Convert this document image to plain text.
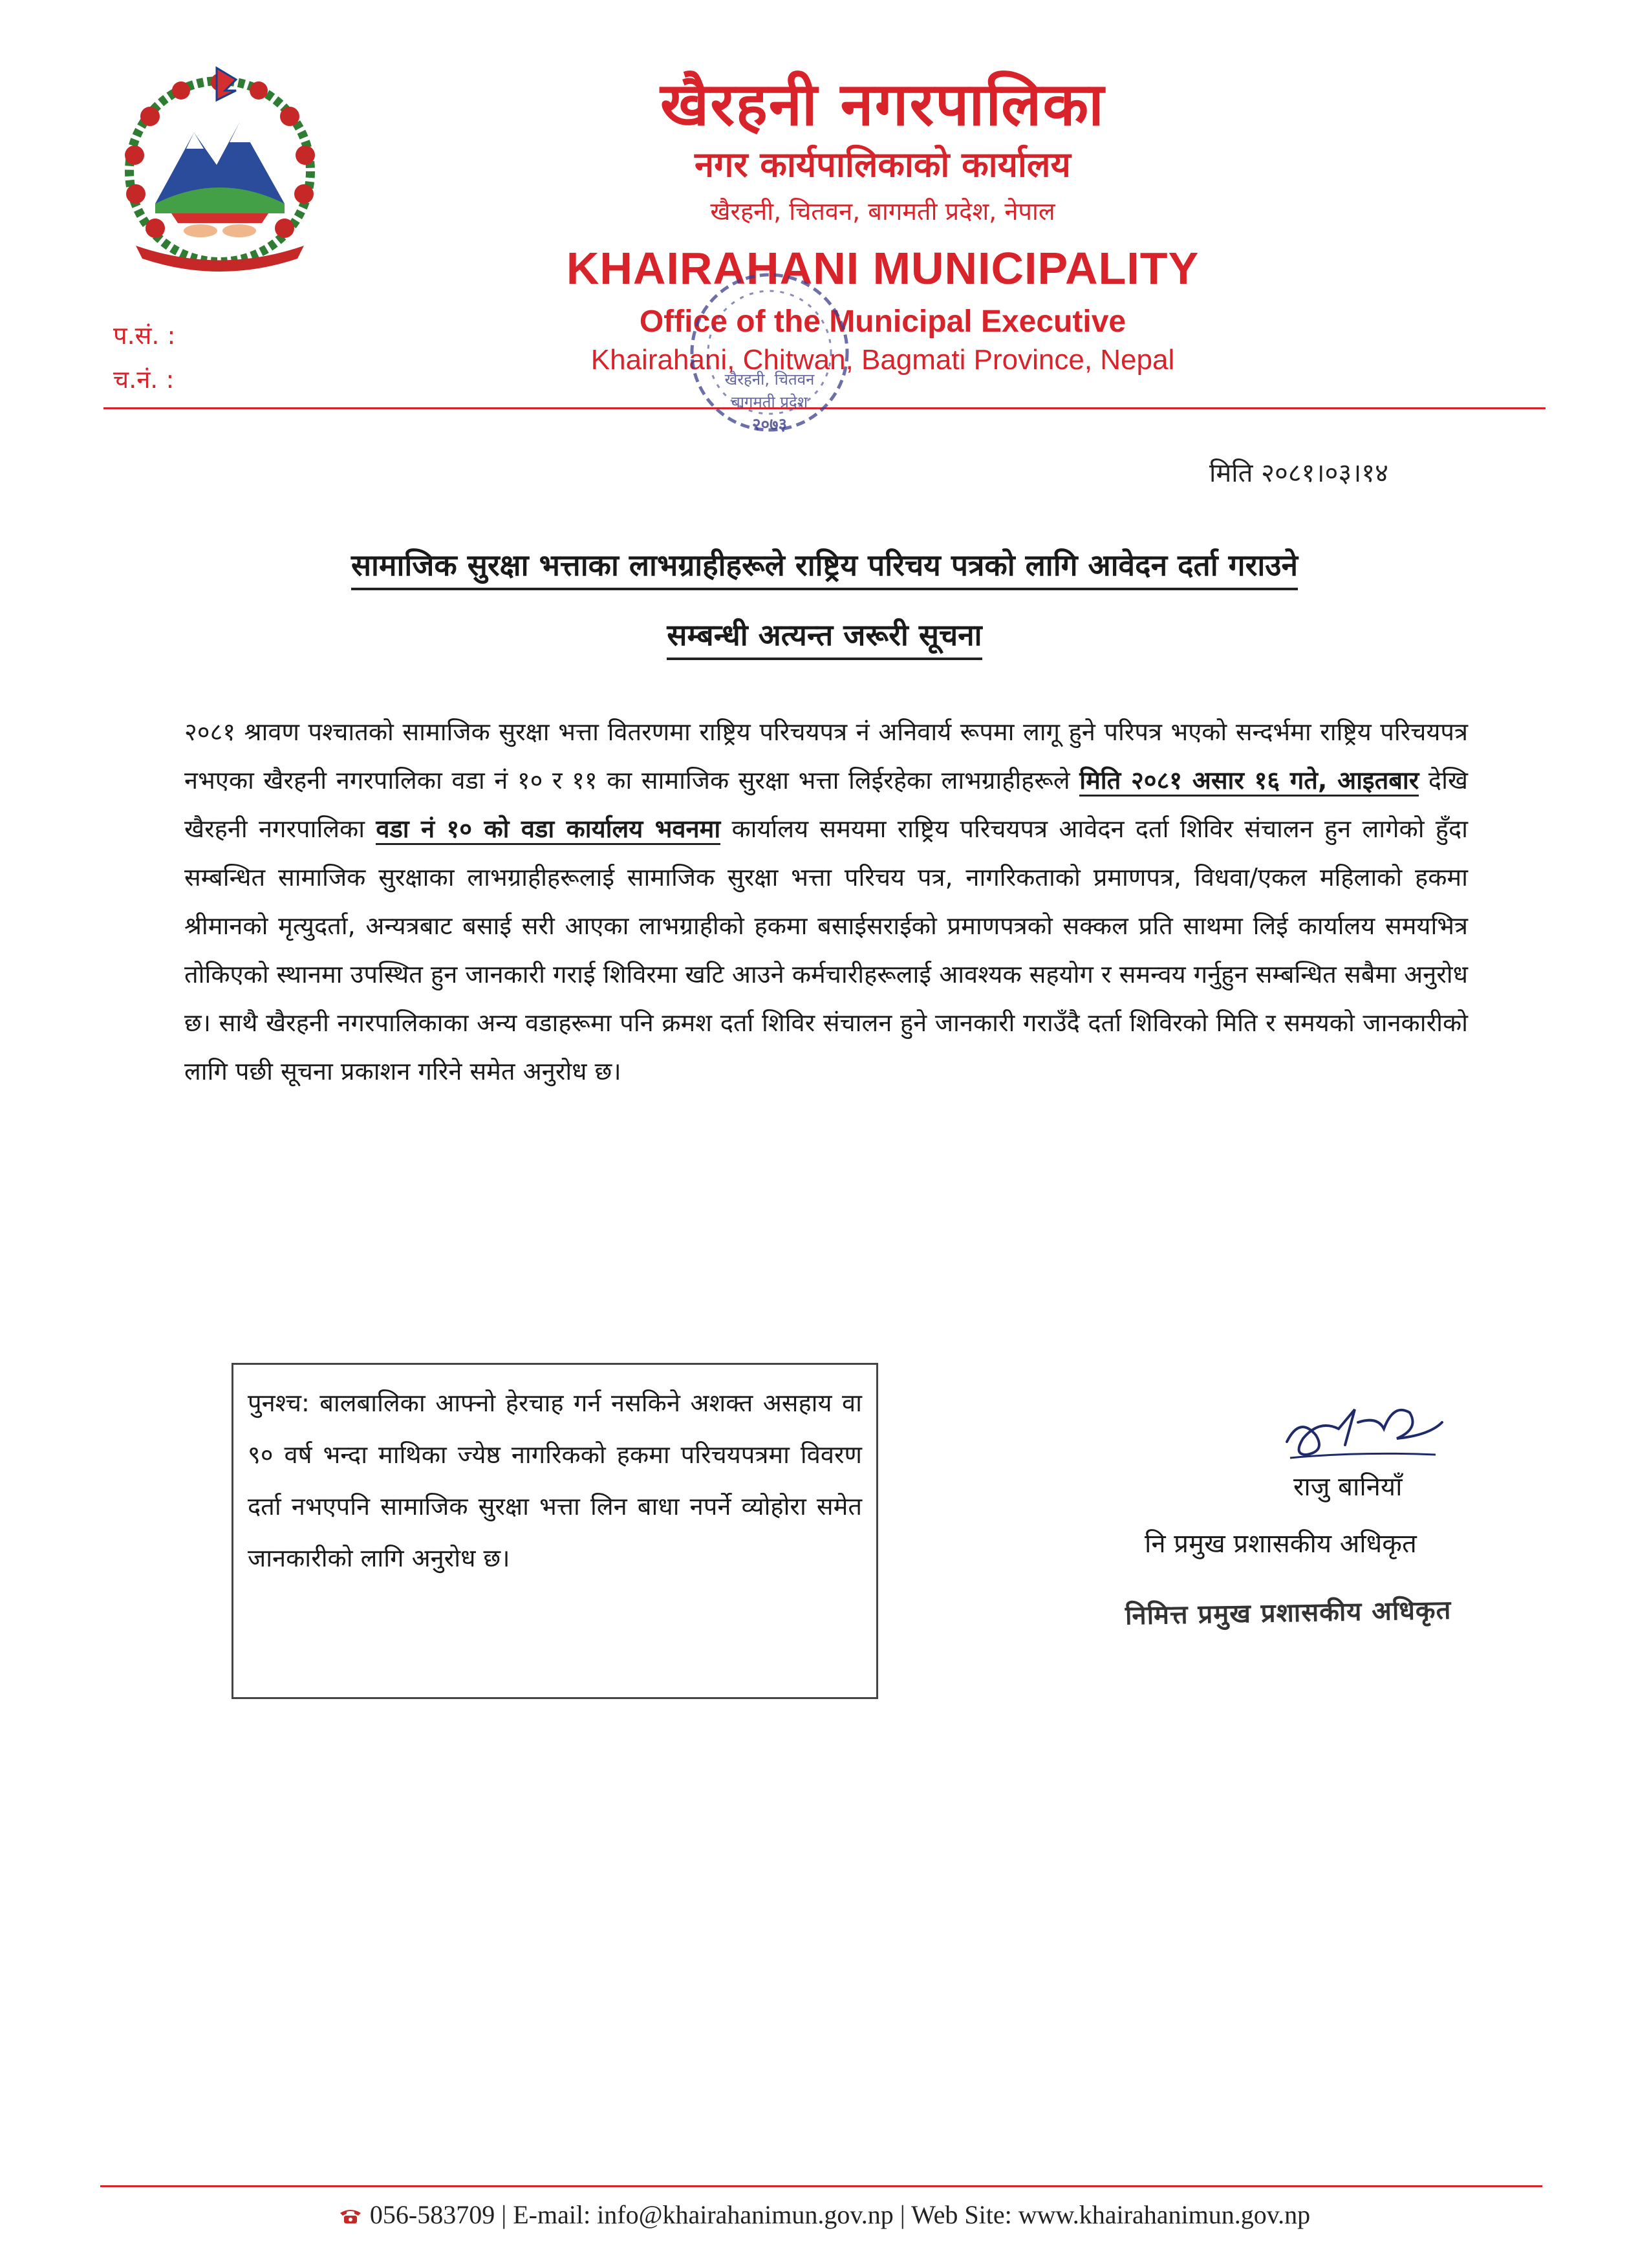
खैरहनी नगरपालिका
नगर कार्यपालिकाको कार्यालय
खैरहनी, चितवन, बागमती प्रदेश, नेपाल
KHAIRAHANI MUNICIPALITY
Office of the Municipal Executive
Khairahani, Chitwan, Bagmati Province, Nepal
प.सं. :
च.नं. :	खैरहनी, चितवन
बागमती प्रदेश
२०७३
मिति २०८१।०३।१४
सामाजिक सुरक्षा भत्ताका लाभग्राहीहरूले राष्ट्रिय परिचय पत्रको लागि आवेदन दर्ता गराउने
सम्बन्धी अत्यन्त जरूरी सूचना
२०८१ श्रावण पश्चातको सामाजिक सुरक्षा भत्ता वितरणमा राष्ट्रिय परिचयपत्र नं अनिवार्य रूपमा लागू हुने परिपत्र भएको सन्दर्भमा राष्ट्रिय परिचयपत्र नभएका खैरहनी नगरपालिका वडा नं १० र ११ का सामाजिक सुरक्षा भत्ता लिईरहेका लाभग्राहीहरूले मिति २०८१ असार १६ गते, आइतबार देखि खैरहनी नगरपालिका वडा नं १० को वडा कार्यालय भवनमा कार्यालय समयमा राष्ट्रिय परिचयपत्र आवेदन दर्ता शिविर संचालन हुन लागेको हुँदा सम्बन्धित सामाजिक सुरक्षाका लाभग्राहीहरूलाई सामाजिक सुरक्षा भत्ता परिचय पत्र, नागरिकताको प्रमाणपत्र, विधवा/एकल महिलाको हकमा श्रीमानको मृत्युदर्ता, अन्यत्रबाट बसाई सरी आएका लाभग्राहीको हकमा बसाईसराईको प्रमाणपत्रको सक्कल प्रति साथमा लिई कार्यालय समयभित्र तोकिएको स्थानमा उपस्थित हुन जानकारी गराई शिविरमा खटि आउने कर्मचारीहरूलाई आवश्यक सहयोग र समन्वय गर्नुहुन सम्बन्धित सबैमा अनुरोध छ। साथै खैरहनी नगरपालिकाका अन्य वडाहरूमा पनि क्रमश दर्ता शिविर संचालन हुने जानकारी गराउँदै दर्ता शिविरको मिति र समयको जानकारीको लागि पछी सूचना प्रकाशन गरिने समेत अनुरोध छ।
पुनश्च: बालबालिका आफ्नो हेरचाह गर्न नसकिने अशक्त असहाय वा ९० वर्ष भन्दा माथिका ज्येष्ठ नागरिकको हकमा परिचयपत्रमा विवरण दर्ता नभएपनि सामाजिक सुरक्षा भत्ता लिन बाधा नपर्ने व्योहोरा समेत जानकारीको लागि अनुरोध छ।
राजु बानियाँ
नि प्रमुख प्रशासकीय अधिकृत
निमित्त प्रमुख प्रशासकीय अधिकृत
056-583709 | E-mail: info@khairahanimun.gov.np | Web Site: www.khairahanimun.gov.np
